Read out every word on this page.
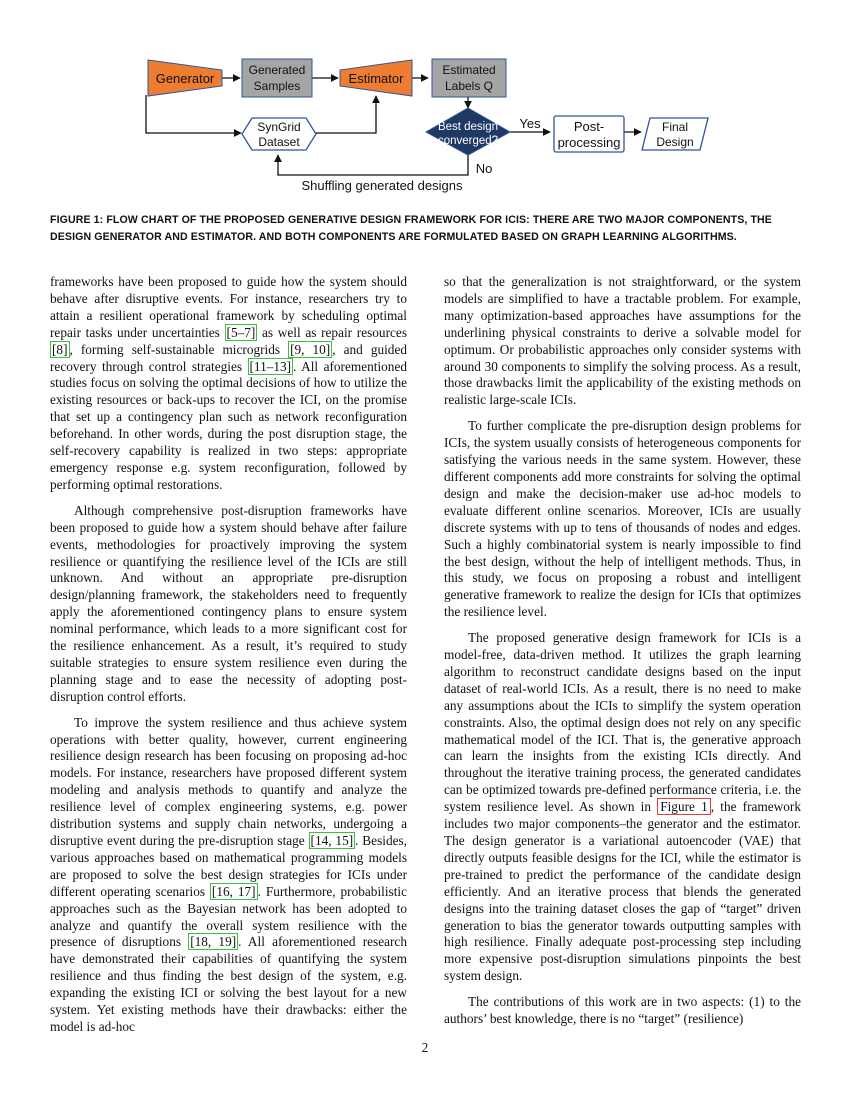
Generator
Generated
Samples	Estimator
Estimated
Labels Q
SynGrid
Dataset
Best design
converged?
Yes
No
Shuffling generated designs
Post-
processing
Final
Design

FIGURE 1: FLOW CHART OF THE PROPOSED GENERATIVE DESIGN FRAMEWORK FOR ICIS: THERE ARE TWO MAJOR COMPONENTS, THE DESIGN GENERATOR AND ESTIMATOR. AND BOTH COMPONENTS ARE FORMULATED BASED ON GRAPH LEARNING ALGORITHMS.

frameworks have been proposed to guide how the system should behave after disruptive events. For instance, researchers try to attain a resilient operational framework by scheduling optimal repair tasks under uncertainties [5–7] as well as repair resources [8] , forming self-sustainable microgrids [9, 10] , and guided recovery through control strategies [11–13] . All aforementioned studies focus on solving the optimal decisions of how to utilize the existing resources or back-ups to recover the ICI, on the promise that set up a contingency plan such as network reconfiguration beforehand. In other words, during the post disruption stage, the self-recovery capability is realized in two steps: appropriate emergency response e.g. system reconfiguration, followed by performing optimal restorations.

Although comprehensive post-disruption frameworks have been proposed to guide how a system should behave after failure events, methodologies for proactively improving the system resilience or quantifying the resilience level of the ICIs are still unknown. And without an appropriate pre-disruption design/planning framework, the stakeholders need to frequently apply the aforementioned contingency plans to ensure system nominal performance, which leads to a more significant cost for the resilience enhancement. As a result, it’s required to study suitable strategies to ensure system resilience even during the planning stage and to ease the necessity of adopting post-disruption control efforts.

To improve the system resilience and thus achieve system operations with better quality, however, current engineering resilience design research has been focusing on proposing ad-hoc models. For instance, researchers have proposed different system modeling and analysis methods to quantify and analyze the resilience level of complex engineering systems, e.g. power distribution systems and supply chain networks, undergoing a disruptive event during the pre-disruption stage [14, 15] . Besides, various approaches based on mathematical programming models are proposed to solve the best design strategies for ICIs under different operating scenarios [16, 17] . Furthermore, probabilistic approaches such as the Bayesian network has been adopted to analyze and quantify the overall system resilience with the presence of disruptions [18, 19] . All aforementioned research have demonstrated their capabilities of quantifying the system resilience and thus finding the best design of the system, e.g. expanding the existing ICI or solving the best layout for a new system. Yet existing methods have their drawbacks: either the model is ad-hoc

so that the generalization is not straightforward, or the system models are simplified to have a tractable problem. For example, many optimization-based approaches have assumptions for the underlining physical constraints to derive a solvable model for optimum. Or probabilistic approaches only consider systems with around 30 components to simplify the solving process. As a result, those drawbacks limit the applicability of the existing methods on realistic large-scale ICIs.

To further complicate the pre-disruption design problems for ICIs, the system usually consists of heterogeneous components for satisfying the various needs in the same system. However, these different components add more constraints for solving the optimal design and make the decision-maker use ad-hoc models to evaluate different online scenarios. Moreover, ICIs are usually discrete systems with up to tens of thousands of nodes and edges. Such a highly combinatorial system is nearly impossible to find the best design, without the help of intelligent methods. Thus, in this study, we focus on proposing a robust and intelligent generative framework to realize the design for ICIs that optimizes the resilience level.

The proposed generative design framework for ICIs is a model-free, data-driven method. It utilizes the graph learning algorithm to reconstruct candidate designs based on the input dataset of real-world ICIs. As a result, there is no need to make any assumptions about the ICIs to simplify the system operation constraints. Also, the optimal design does not rely on any specific mathematical model of the ICI. That is, the generative approach can learn the insights from the existing ICIs directly. And throughout the iterative training process, the generated candidates can be optimized towards pre-defined performance criteria, i.e. the system resilience level. As shown in Figure 1 , the framework includes two major components–the generator and the estimator. The design generator is a variational autoencoder (VAE) that directly outputs feasible designs for the ICI, while the estimator is pre-trained to predict the performance of the candidate design efficiently. And an iterative process that blends the generated designs into the training dataset closes the gap of “target” driven generation to bias the generator towards outputting samples with high resilience. Finally adequate post-processing step including more expensive post-disruption simulations pinpoints the best system design.

The contributions of this work are in two aspects: (1) to the authors’ best knowledge, there is no “target” (resilience)

2
